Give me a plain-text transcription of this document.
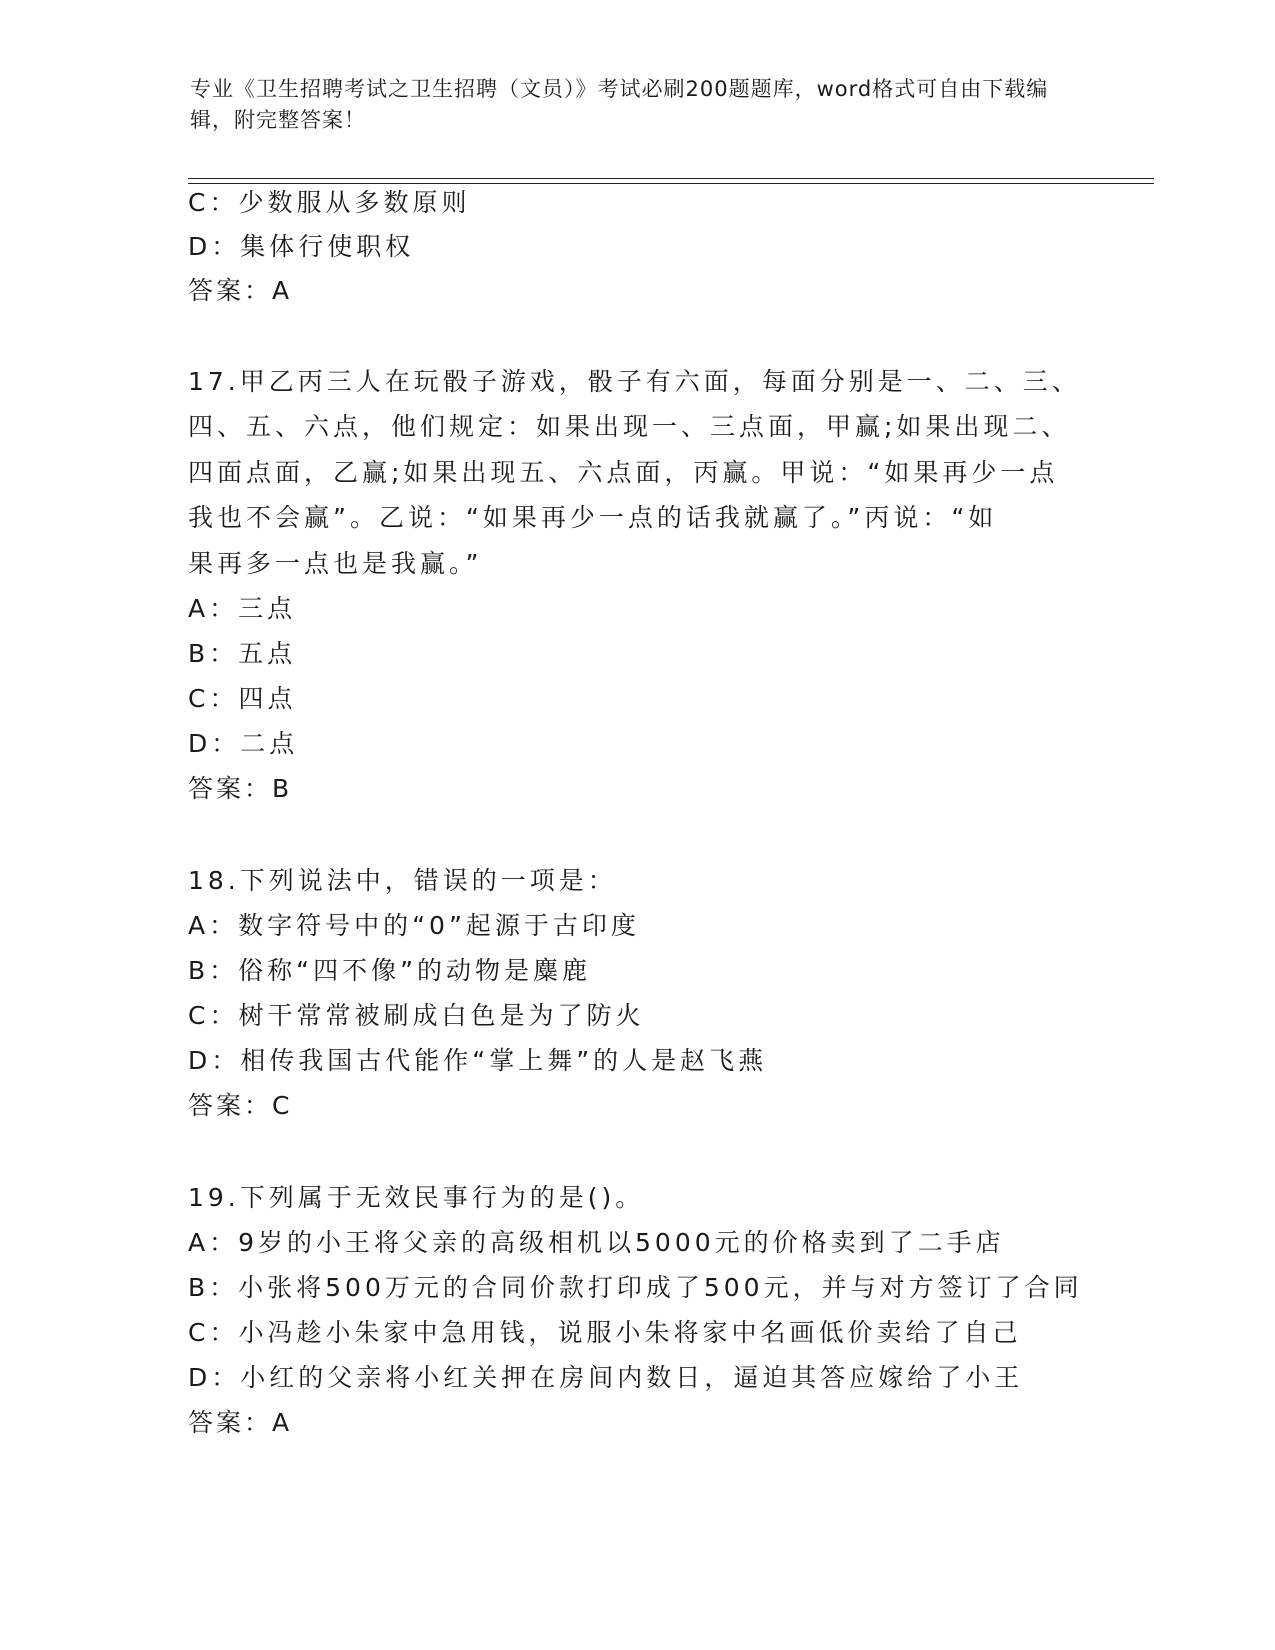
专业《卫生招聘考试之卫生招聘（文员）》考试必刷200题题库，word格式可自由下载编辑，附完整答案！
C：少数服从多数原则
D：集体行使职权
答案：A
17.甲乙丙三人在玩骰子游戏，骰子有六面，每面分别是一、二、三、
四、五、六点，他们规定：如果出现一、三点面，甲赢;如果出现二、
四面点面，乙赢;如果出现五、六点面，丙赢。甲说：“如果再少一点
我也不会赢”。乙说：“如果再少一点的话我就赢了。”丙说：“如
果再多一点也是我赢。”
A：三点
B：五点
C：四点
D：二点
答案：B
18.下列说法中，错误的一项是：
A：数字符号中的“0”起源于古印度
B：俗称“四不像”的动物是麋鹿
C：树干常常被刷成白色是为了防火
D：相传我国古代能作“掌上舞”的人是赵飞燕
答案：C
19.下列属于无效民事行为的是()。
A：9岁的小王将父亲的高级相机以5000元的价格卖到了二手店
B：小张将500万元的合同价款打印成了500元，并与对方签订了合同
C：小冯趁小朱家中急用钱，说服小朱将家中名画低价卖给了自己
D：小红的父亲将小红关押在房间内数日，逼迫其答应嫁给了小王
答案：A
